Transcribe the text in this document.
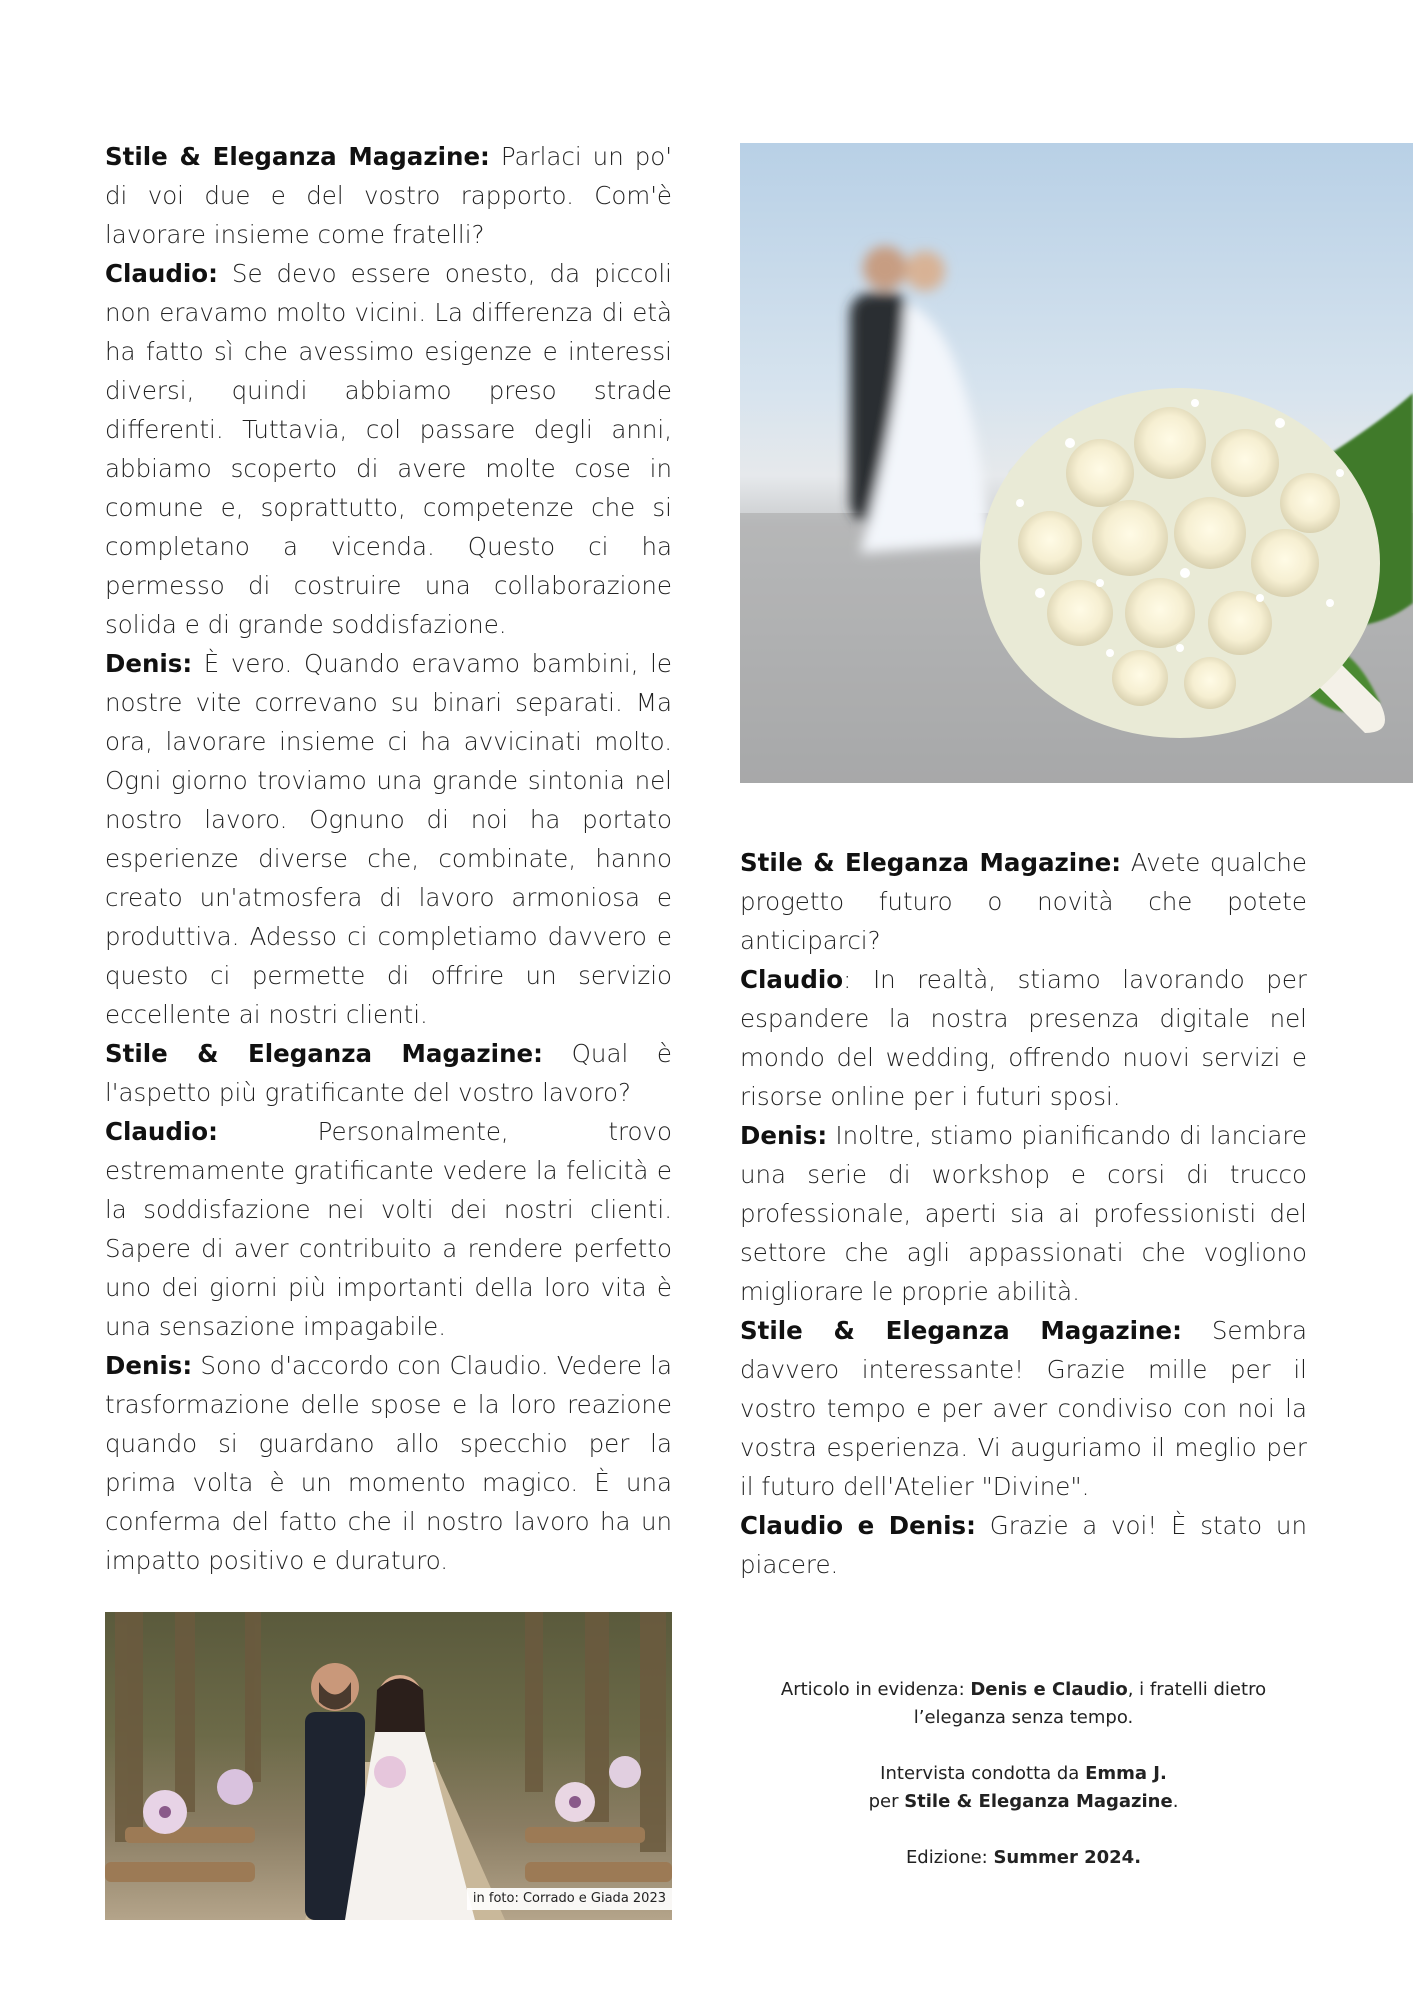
Stile & Eleganza Magazine: Parlaci un po' di voi due e del vostro rapporto. Com'è lavorare insieme come fratelli?

Claudio: Se devo essere onesto, da piccoli non eravamo molto vicini. La differenza di età ha fatto sì che avessimo esigenze e interessi diversi, quindi abbiamo preso strade differenti. Tuttavia, col passare degli anni, abbiamo scoperto di avere molte cose in comune e, soprattutto, competenze che si completano a vicenda. Questo ci ha permesso di costruire una collaborazione solida e di grande soddisfazione.

Denis: È vero. Quando eravamo bambini, le nostre vite correvano su binari separati. Ma ora, lavorare insieme ci ha avvicinati molto. Ogni giorno troviamo una grande sintonia nel nostro lavoro. Ognuno di noi ha portato esperienze diverse che, combinate, hanno creato un'atmosfera di lavoro armoniosa e produttiva. Adesso ci completiamo davvero e questo ci permette di offrire un servizio eccellente ai nostri clienti.

Stile & Eleganza Magazine: Qual è l'aspetto più gratificante del vostro lavoro?

Claudio: Personalmente, trovo estremamente gratificante vedere la felicità e la soddisfazione nei volti dei nostri clienti. Sapere di aver contribuito a rendere perfetto uno dei giorni più importanti della loro vita è una sensazione impagabile.

Denis: Sono d'accordo con Claudio. Vedere la trasformazione delle spose e la loro reazione quando si guardano allo specchio per la prima volta è un momento magico. È una conferma del fatto che il nostro lavoro ha un impatto positivo e duraturo.

Stile & Eleganza Magazine: Avete qualche progetto futuro o novità che potete anticiparci?

Claudio: In realtà, stiamo lavorando per espandere la nostra presenza digitale nel mondo del wedding, offrendo nuovi servizi e risorse online per i futuri sposi.

Denis: Inoltre, stiamo pianificando di lanciare una serie di workshop e corsi di trucco professionale, aperti sia ai professionisti del settore che agli appassionati che vogliono migliorare le proprie abilità.

Stile & Eleganza Magazine: Sembra davvero interessante! Grazie mille per il vostro tempo e per aver condiviso con noi la vostra esperienza. Vi auguriamo il meglio per il futuro dell'Atelier "Divine".

Claudio e Denis: Grazie a voi! È stato un piacere.

in foto: Corrado e Giada 2023

Articolo in evidenza: Denis e Claudio, i fratelli dietro

l’eleganza senza tempo.

Intervista condotta da Emma J.

per Stile & Eleganza Magazine.

Edizione: Summer 2024.
